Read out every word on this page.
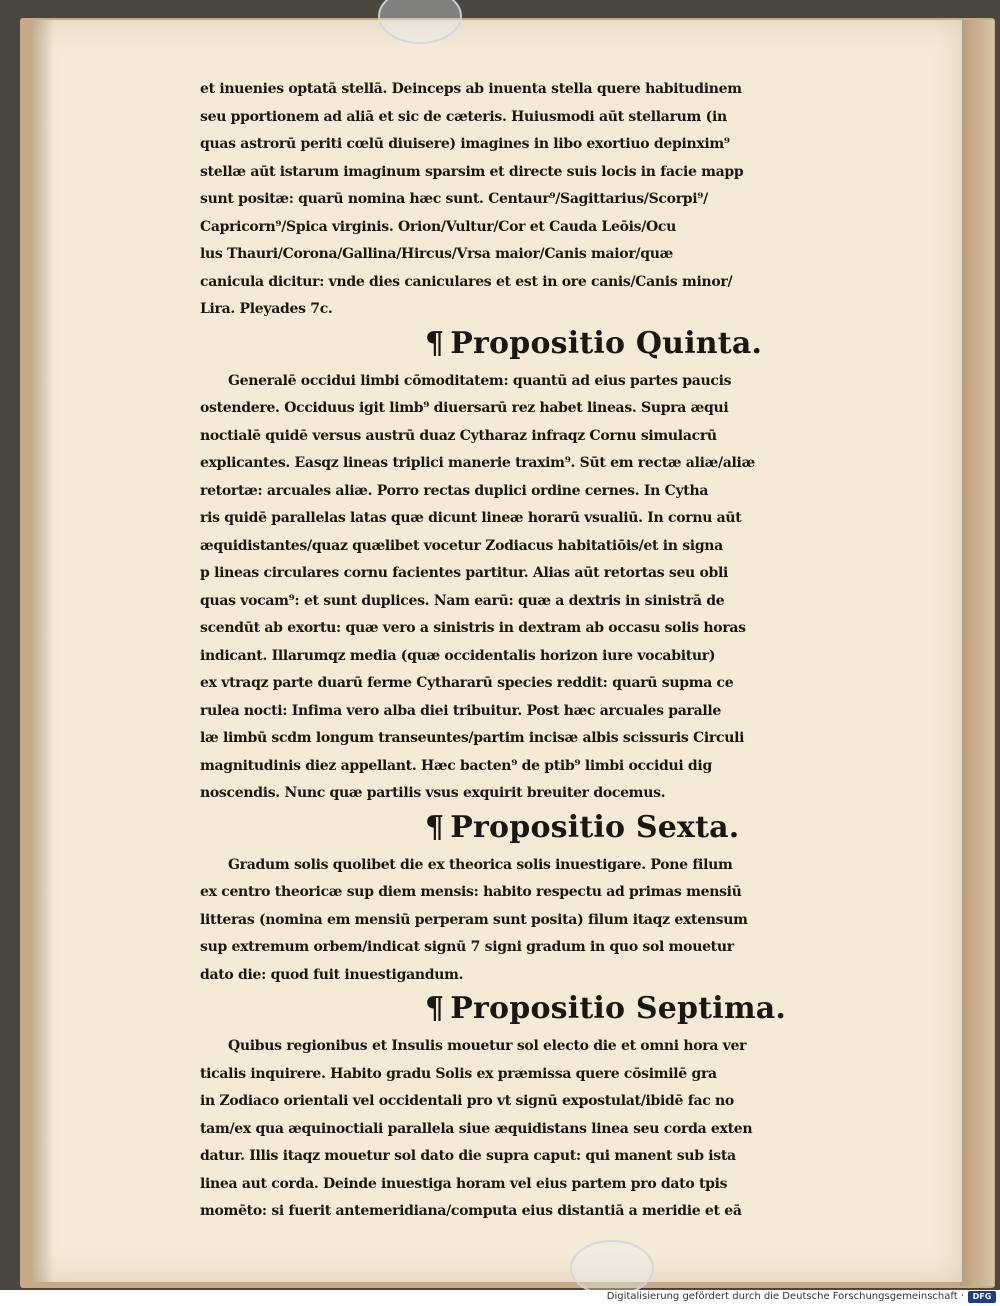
et inuenies optatā stellā. Deinceps ab inuenta stella quere habitudinem
seu pportionem ad aliā et sic de cæteris. Huiusmodi aūt stellarum (in
quas astrorū periti cœlū diuisere) imagines in libo exortiuo depinxim⁹
stellæ aūt istarum imaginum sparsim et directe suis locis in facie mapp
sunt positæ: quarū nomina hæc sunt. Centaur⁹/Sagittarius/Scorpi⁹/
Capricorn⁹/Spica virginis. Orion/Vultur/Cor et Cauda Leōis/Ocu
lus Thauri/Corona/Gallina/Hircus/Vrsa maior/Canis maior/quæ
canicula dicitur: vnde dies caniculares et est in ore canis/Canis minor/
Lira. Pleyades 7c.
¶ Propositio Quinta.
Generalē occidui limbi cōmoditatem: quantū ad eius partes paucis
ostendere. Occiduus igit limb⁹ diuersarū rez habet lineas. Supra æqui
noctialē quidē versus austrū duaz Cytharaz infraqz Cornu simulacrū
explicantes. Easqz lineas triplici manerie traxim⁹. Sūt em rectæ aliæ/aliæ
retortæ: arcuales aliæ. Porro rectas duplici ordine cernes. In Cytha
ris quidē parallelas latas quæ dicunt lineæ horarū vsualiū. In cornu aūt
æquidistantes/quaz quælibet vocetur Zodiacus habitatiōis/et in signa
p lineas circulares cornu facientes partitur. Alias aūt retortas seu obli
quas vocam⁹: et sunt duplices. Nam earū: quæ a dextris in sinistrā de
scendūt ab exortu: quæ vero a sinistris in dextram ab occasu solis horas
indicant. Illarumqz media (quæ occidentalis horizon iure vocabitur)
ex vtraqz parte duarū ferme Cythararū species reddit: quarū supma ce
rulea nocti: Infima vero alba diei tribuitur. Post hæc arcuales paralle
læ limbū scdm longum transeuntes/partim incisæ albis scissuris Circuli
magnitudinis diez appellant. Hæc bacten⁹ de ptib⁹ limbi occidui dig
noscendis. Nunc quæ partilis vsus exquirit breuiter docemus.
¶ Propositio Sexta.
Gradum solis quolibet die ex theorica solis inuestigare. Pone filum
ex centro theoricæ sup diem mensis: habito respectu ad primas mensiū
litteras (nomina em mensiū perperam sunt posita) filum itaqz extensum
sup extremum orbem/indicat signū 7 signi gradum in quo sol mouetur
dato die: quod fuit inuestigandum.
¶ Propositio Septima.
Quibus regionibus et Insulis mouetur sol electo die et omni hora ver
ticalis inquirere. Habito gradu Solis ex præmissa quere cōsimilē gra
in Zodiaco orientali vel occidentali pro vt signū expostulat/ibidē fac no
tam/ex qua æquinoctiali parallela siue æquidistans linea seu corda exten
datur. Illis itaqz mouetur sol dato die supra caput: qui manent sub ista
linea aut corda. Deinde inuestiga horam vel eius partem pro dato tpis
momēto: si fuerit antemeridiana/computa eius distantiā a meridie et eā
Digitalisierung gefördert durch die Deutsche Forschungsgemeinschaft ·	DFG
